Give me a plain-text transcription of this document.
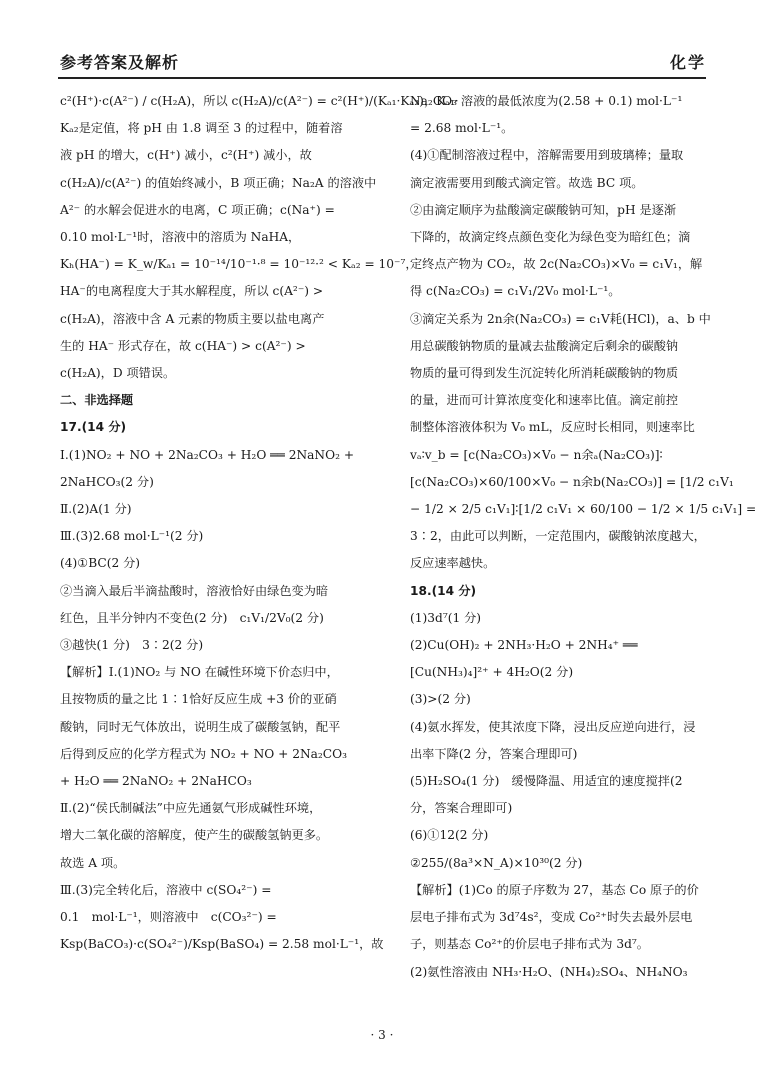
参考答案及解析	化学

c²(H⁺)·c(A²⁻) / c(H₂A)，所以 c(H₂A)/c(A²⁻) = c²(H⁺)/(Kₐ₁·Kₐ₂)，Kₐ₁·

Kₐ₂是定值，将 pH 由 1.8 调至 3 的过程中，随着溶

液 pH 的增大，c(H⁺) 减小，c²(H⁺) 减小，故

c(H₂A)/c(A²⁻) 的值始终减小，B 项正确；Na₂A 的溶液中

A²⁻ 的水解会促进水的电离，C 项正确；c(Na⁺) =

0.10 mol·L⁻¹时，溶液中的溶质为 NaHA，

Kₕ(HA⁻) = K_w/Kₐ₁ = 10⁻¹⁴/10⁻¹·⁸ = 10⁻¹²·² < Kₐ₂ = 10⁻⁷，

HA⁻的电离程度大于其水解程度，所以 c(A²⁻) >

c(H₂A)，溶液中含 A 元素的物质主要以盐电离产

生的 HA⁻ 形式存在，故 c(HA⁻) > c(A²⁻) >

c(H₂A)，D 项错误。

二、非选择题

17.(14 分)

Ⅰ.(1)NO₂ + NO + 2Na₂CO₃ + H₂O ══ 2NaNO₂ +

2NaHCO₃(2 分)

Ⅱ.(2)A(1 分)

Ⅲ.(3)2.68 mol·L⁻¹(2 分)

(4)①BC(2 分)

②当滴入最后半滴盐酸时，溶液恰好由绿色变为暗

红色，且半分钟内不变色(2 分)　c₁V₁/2V₀(2 分)

③越快(1 分)　3∶2(2 分)

【解析】Ⅰ.(1)NO₂ 与 NO 在碱性环境下价态归中，

且按物质的量之比 1∶1恰好反应生成 +3 价的亚硝

酸钠，同时无气体放出，说明生成了碳酸氢钠，配平

后得到反应的化学方程式为 NO₂ + NO + 2Na₂CO₃

+ H₂O ══ 2NaNO₂ + 2NaHCO₃

Ⅱ.(2)“侯氏制碱法”中应先通氨气形成碱性环境，

增大二氧化碳的溶解度，使产生的碳酸氢钠更多。

故选 A 项。

Ⅲ.(3)完全转化后，溶液中 c(SO₄²⁻) =

0.1　mol·L⁻¹，则溶液中　c(CO₃²⁻) =

Ksp(BaCO₃)·c(SO₄²⁻)/Ksp(BaSO₄) = 2.58 mol·L⁻¹，故

Na₂CO₃ 溶液的最低浓度为(2.58 + 0.1) mol·L⁻¹

= 2.68 mol·L⁻¹。

(4)①配制溶液过程中，溶解需要用到玻璃棒；量取

滴定液需要用到酸式滴定管。故选 BC 项。

②由滴定顺序为盐酸滴定碳酸钠可知，pH 是逐渐

下降的，故滴定终点颜色变化为绿色变为暗红色；滴

定终点产物为 CO₂，故 2c(Na₂CO₃)×V₀ = c₁V₁，解

得 c(Na₂CO₃) = c₁V₁/2V₀ mol·L⁻¹。

③滴定关系为 2n余(Na₂CO₃) = c₁V耗(HCl)，a、b 中

用总碳酸钠物质的量减去盐酸滴定后剩余的碳酸钠

物质的量可得到发生沉淀转化所消耗碳酸钠的物质

的量，进而可计算浓度变化和速率比值。滴定前控

制整体溶液体积为 V₀ mL，反应时长相同，则速率比

vₐ∶v_b = [c(Na₂CO₃)×V₀ − n余ₐ(Na₂CO₃)]∶

[c(Na₂CO₃)×60/100×V₀ − n余b(Na₂CO₃)] = [1/2 c₁V₁

− 1/2 × 2/5 c₁V₁]∶[1/2 c₁V₁ × 60/100 − 1/2 × 1/5 c₁V₁] =

3∶2，由此可以判断，一定范围内，碳酸钠浓度越大，

反应速率越快。

18.(14 分)

(1)3d⁷(1 分)

(2)Cu(OH)₂ + 2NH₃·H₂O + 2NH₄⁺ ══

[Cu(NH₃)₄]²⁺ + 4H₂O(2 分)

(3)>(2 分)

(4)氨水挥发，使其浓度下降，浸出反应逆向进行，浸

出率下降(2 分，答案合理即可)

(5)H₂SO₄(1 分)　缓慢降温、用适宜的速度搅拌(2

分，答案合理即可)

(6)①12(2 分)

②255/(8a³×N_A)×10³⁰(2 分)

【解析】(1)Co 的原子序数为 27，基态 Co 原子的价

层电子排布式为 3d⁷4s²，变成 Co²⁺时失去最外层电

子，则基态 Co²⁺的价层电子排布式为 3d⁷。

(2)氨性溶液由 NH₃·H₂O、(NH₄)₂SO₄、NH₄NO₃

· 3 ·
